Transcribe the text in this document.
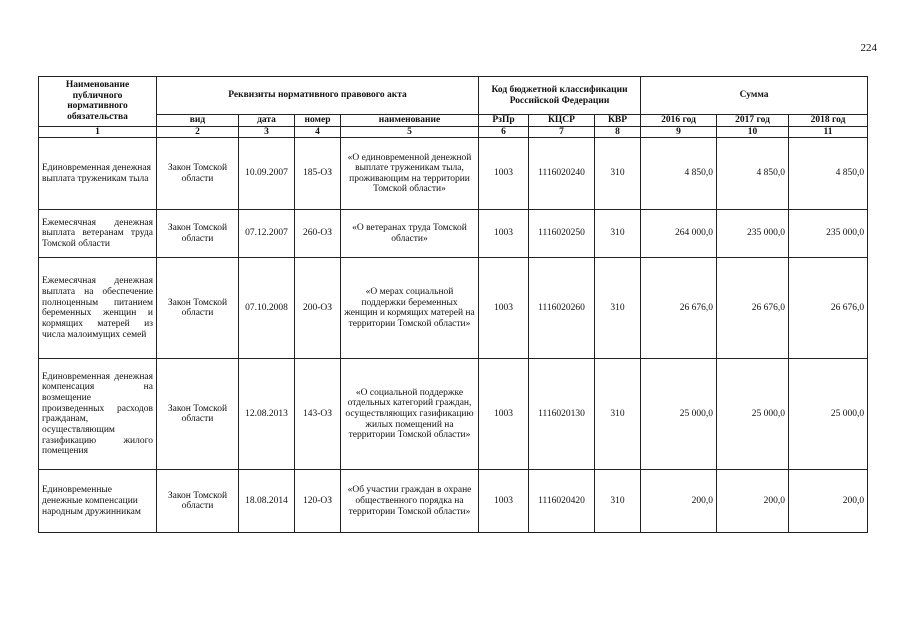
224
Наименование публичного нормативного обязательства	Реквизиты нормативного правового акта				Код бюджетной классификации Российской Федерации			Сумма		
	вид	дата	номер	наименование	РзПр	КЦСР	КВР	2016 год	2017 год	2018 год
1	2	3	4	5	6	7	8	9	10	11
Единовременная денежная выплата труженикам тыла	Закон Томской области	10.09.2007	185-ОЗ	«О единовременной денежной выплате труженикам тыла, проживающим на территории Томской области»	1003	1116020240	310	4 850,0	4 850,0	4 850,0
Ежемесячная денежная выплата ветеранам труда Томской области	Закон Томской области	07.12.2007	260-ОЗ	«О ветеранах труда Томской области»	1003	1116020250	310	264 000,0	235 000,0	235 000,0
Ежемесячная денежная выплата на обеспечение полноценным питанием беременных женщин и кормящих матерей из числа малоимущих семей	Закон Томской области	07.10.2008	200-ОЗ	«О мерах социальной поддержки беременных женщин и кормящих матерей на территории Томской области»	1003	1116020260	310	26 676,0	26 676,0	26 676,0
Единовременная денежная компенсация на возмещение произведенных расходов гражданам, осуществляющим газификацию жилого помещения	Закон Томской области	12.08.2013	143-ОЗ	«О социальной поддержке отдельных категорий граждан, осуществляющих газификацию жилых помещений на территории Томской области»	1003	1116020130	310	25 000,0	25 000,0	25 000,0
Единовременные денежные компенсации народным дружинникам	Закон Томской области	18.08.2014	120-ОЗ	«Об участии граждан в охране общественного порядка на территории Томской области»	1003	1116020420	310	200,0	200,0	200,0
